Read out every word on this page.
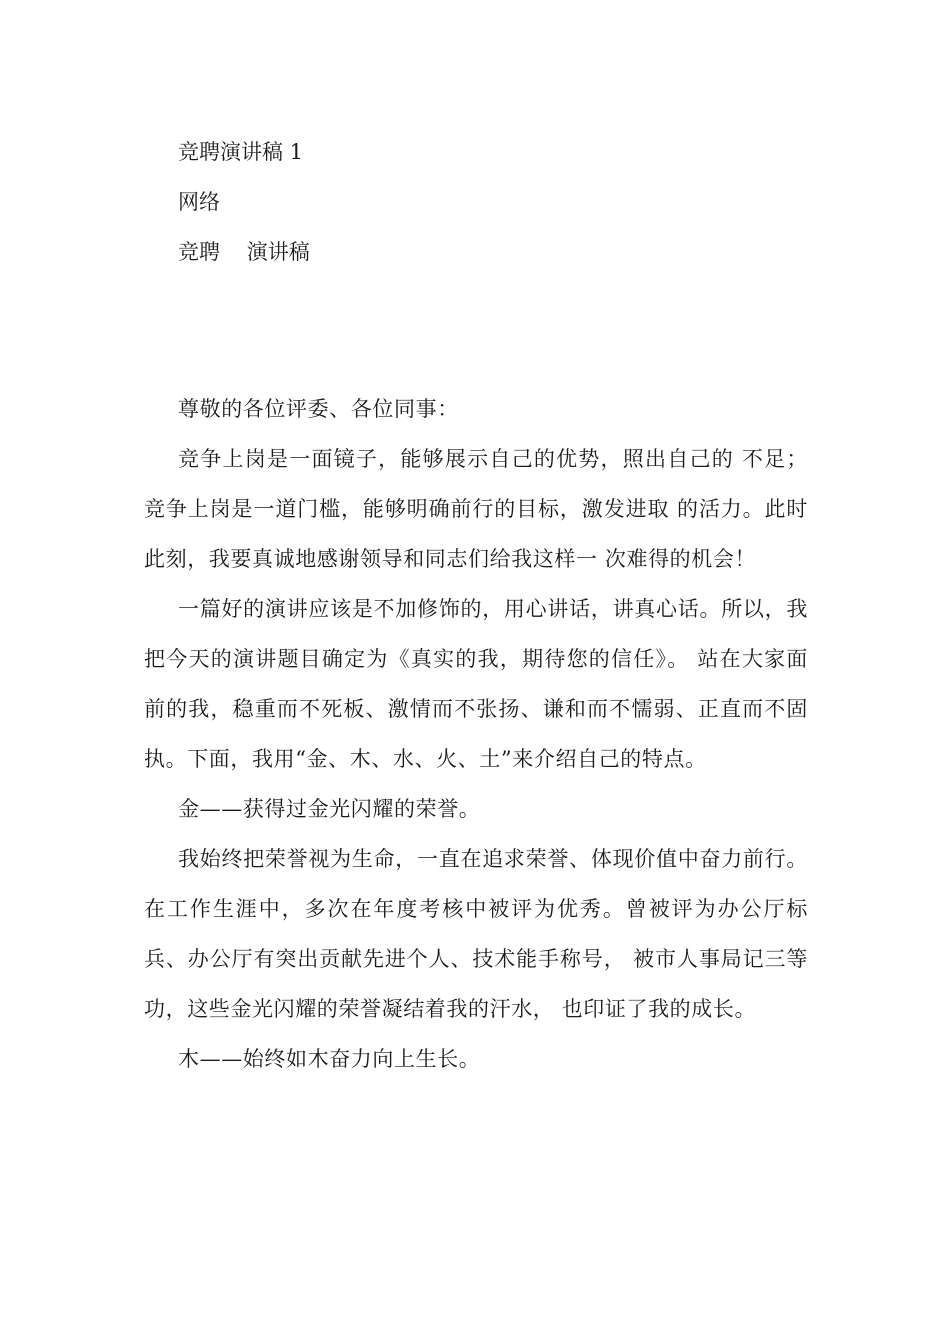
竞聘演讲稿 1
网络
竞聘    演讲稿

尊敬的各位评委、各位同事：

竞争上岗是一面镜子，能够展示自己的优势，照出自己的 不足；竞争上岗是一道门槛，能够明确前行的目标，激发进取 的活力。此时此刻，我要真诚地感谢领导和同志们给我这样一 次难得的机会！

一篇好的演讲应该是不加修饰的，用心讲话，讲真心话。所以，我把今天的演讲题目确定为《真实的我，期待您的信任》。 站在大家面前的我，稳重而不死板、激情而不张扬、谦和而不懦弱、正直而不固执。下面，我用“金、木、水、火、土”来介绍自己的特点。

金——获得过金光闪耀的荣誉。

我始终把荣誉视为生命，一直在追求荣誉、体现价值中奋力前行。在工作生涯中，多次在年度考核中被评为优秀。曾被评为办公厅标兵、办公厅有突出贡献先进个人、技术能手称号， 被市人事局记三等功，这些金光闪耀的荣誉凝结着我的汗水， 也印证了我的成长。

木——始终如木奋力向上生长。
